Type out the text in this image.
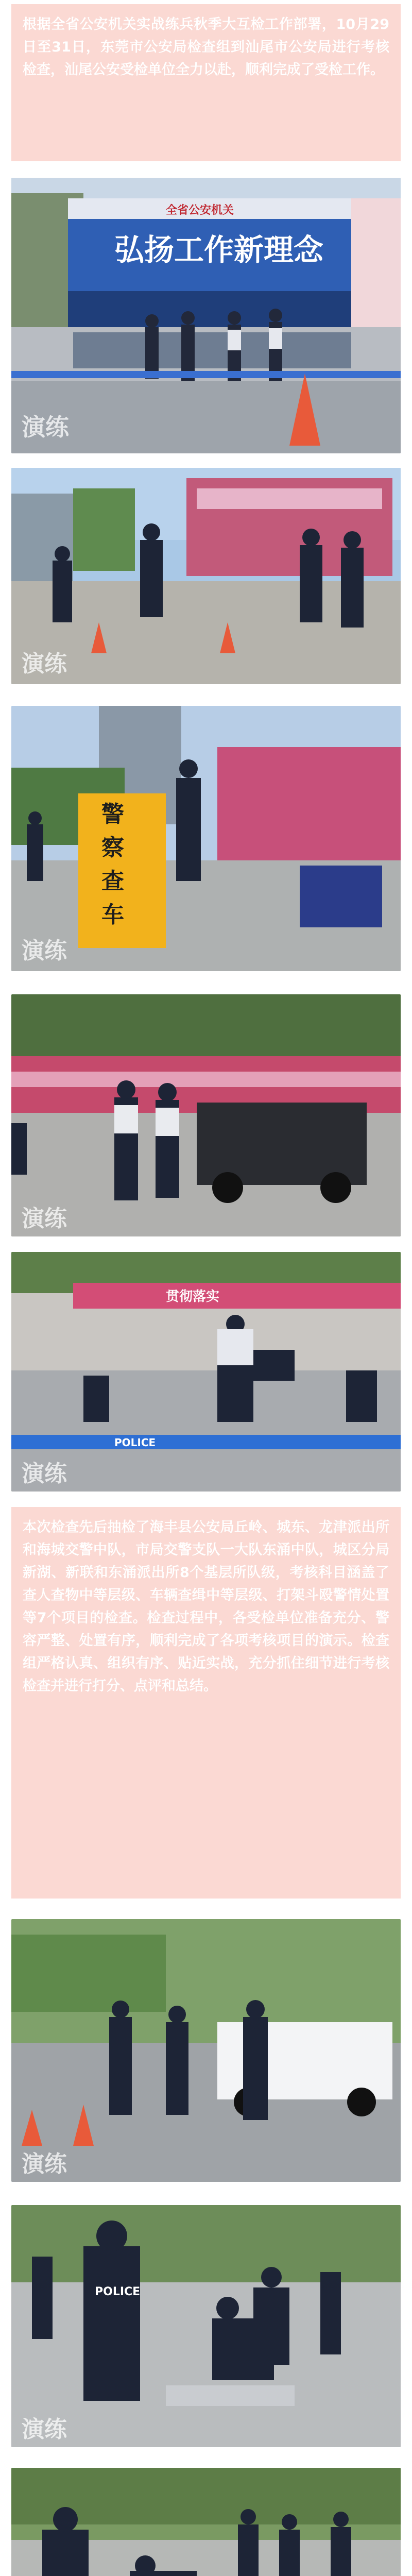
根据全省公安机关实战练兵秋季大互检工作部署，10月29日至31日，东莞市公安局检查组到汕尾市公安局进行考核检查，汕尾公安受检单位全力以赴，顺利完成了受检工作。
全省公安机关
弘扬工作新理念
演练
演练
警
察
查
车
演练
演练
贯彻落实
POLICE
演练
本次检查先后抽检了海丰县公安局丘岭、城东、龙津派出所和海城交警中队，市局交警支队一大队东涌中队，城区分局新湖、新联和东涌派出所8个基层所队级，考核科目涵盖了查人查物中等层级、车辆查缉中等层级、打架斗殴警情处置等7个项目的检查。检查过程中，各受检单位准备充分、警容严整、处置有序，顺利完成了各项考核项目的演示。检查组严格认真、组织有序、贴近实战，充分抓住细节进行考核检查并进行打分、点评和总结。
演练
POLICE
演练
